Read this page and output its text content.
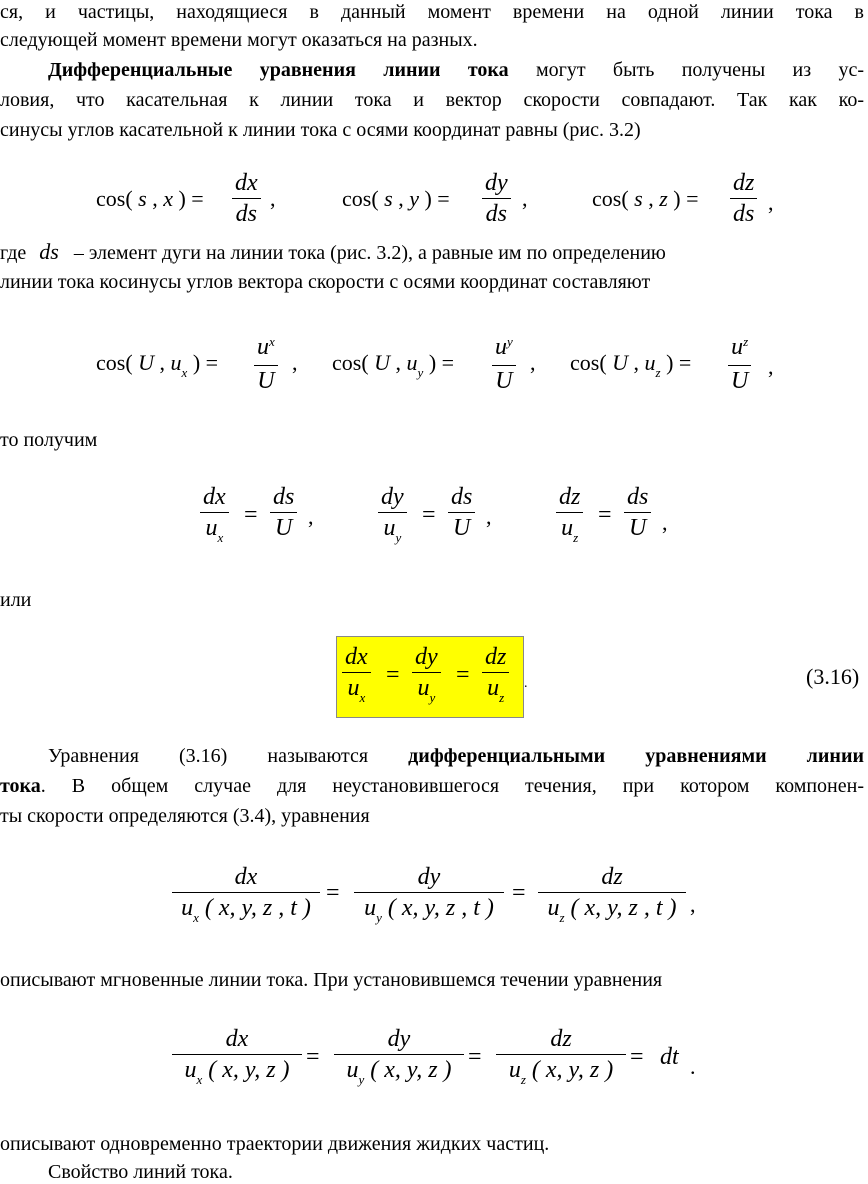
ся, и частицы, находящиеся в данный момент времени на одной линии тока в
следующей момент времени могут оказаться на разных.
Дифференциальные уравнения линии тока могут быть получены из ус-
ловия, что касательная к линии тока и вектор скорости совпадают. Так как ко-
синусы углов касательной к линии тока с осями координат равны (рис. 3.2)
cos( s , x ) =
dx
ds
,	cos( s , y ) =
dy
ds
,	cos( s , z ) =
dz
ds ,
где ds – элемент дуги на линии тока (рис. 3.2), а равные им по определению
линии тока косинусы углов вектора скорости с осями координат составляют
cos( U , $u_x$ ) =
$u^x$
U
, cos( U , $u_y$ ) =
$u^y$
U
, cos( U , $u_z$ ) =
$u^z$
U
,
то получим
dx
$u_x$
=
ds
U ,
dy
$u_y$
=
ds
U ,
dz
$u_z$
=
ds
U ,
или
dx
$u_x$
=
dy
$u_y$
=
dz
$u_z$
.	(3.16)
Уравнения (3.16) называются дифференциальными уравнениями линии
тока. В общем случае для неустановившегося течения, при котором компонен-
ты скорости определяются (3.4), уравнения
dx
$u_x$ ( x, y, z , t )
=
dy
$u_y$ ( x, y, z , t )
=
dz
$u_z$ ( x, y, z , t ) ,
описывают мгновенные линии тока. При установившемся течении уравнения
dx
$u_x$ ( x, y, z ) =
dy
$u_y$ ( x, y, z ) =
dz
$u_z$ ( x, y, z ) = dt .
описывают одновременно траектории движения жидких частиц.
Свойство линий тока.
